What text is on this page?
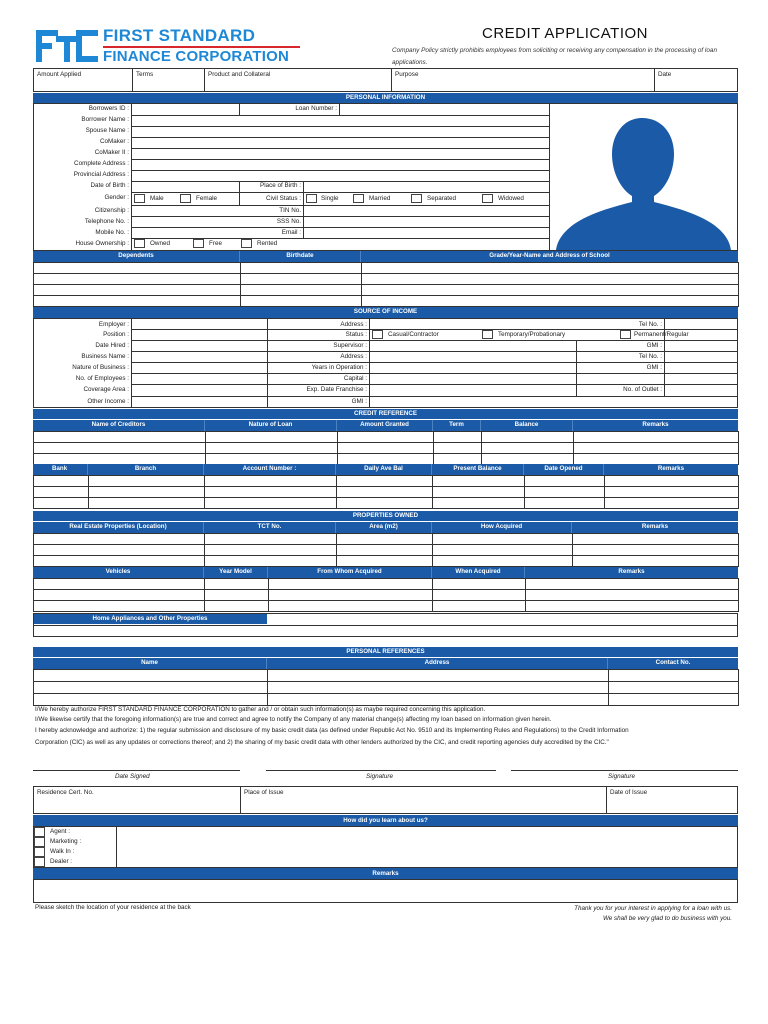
FIRST STANDARD
FINANCE CORPORATION
CREDIT APPLICATION
Company Policy strictly prohibits employees from soliciting or receiving any compensation in the processing of loan applications.
Amount Applied	Terms	Product and Collateral	Purpose	Date
PERSONAL INFORMATION
Borrowers ID :	Loan Number :
Borrower Name :
Spouse Name :
CoMaker :
CoMaker II :
Complete Address :
Provincial Address :
Date of Birth :	Place of Birth :
Gender :	Male	Female	Civil Status :	Single	Married	Separated	Widowed
Citizenship :	TIN No.
Telephone No. :	SSS No.
Mobile No. :	Email :
House Ownership :	Owned	Free	Rented
Dependents	Birthdate	Grade/Year-Name and Address of School

SOURCE OF INCOME
Employer :	Address :	Tel No. :
Position :	Status :	Casual/Contractor	Temporary/Probationary	Permanent/Regular
Date Hired :	Supervisor :	GMI :
Business Name :	Address :	Tel No. :
Nature of Business :	Years in Operation :	GMI :
No. of Employees :	Capital :
Coverage Area :	Exp. Date Franchise :	No. of Outlet :
Other Income :	GMI :
CREDIT REFERENCE
Name of Creditors	Nature of Loan	Amount Granted	Term	Balance	Remarks

Bank	Branch	Account Number :	Daily Ave Bal	Present Balance	Date Opened	Remarks

PROPERTIES OWNED
Real Estate Properties (Location)	TCT No.	Area (m2)	How Acquired	Remarks

Vehicles	Year Model	From Whom Acquired	When Acquired	Remarks

Home Appliances and Other Properties
PERSONAL REFERENCES
Name	Address	Contact No.

I/We hereby authorize FIRST STANDARD FINANCE CORPORATION to gather and / or obtain such information(s) as maybe required concerning this application.
I/We likewise certify that the foregoing information(s) are true and correct and agree to notify the Company of any material change(s) affecting my loan based on information given herein.
I hereby acknowledge and authorize: 1) the regular submission and disclosure of my basic credit data (as defined under Republic Act No. 9510 and its Implementing Rules and Regulations) to the Credit Information
Corporation (CIC) as well as any updates or corrections thereof; and 2) the sharing of my basic credit data with other lenders authorized by the CIC, and credit reporting agencies duly accredited by the CIC."
Date Signed	Signature	Signature
Residence Cert. No.	Place of Issue	Date of Issue
How did you learn about us?
Agent :
Marketing :
Walk In :
Dealer :
Remarks
Please sketch the location of your residence at the back	Thank you for your interest in applying for a loan with us.
We shall be very glad to do business with you.
